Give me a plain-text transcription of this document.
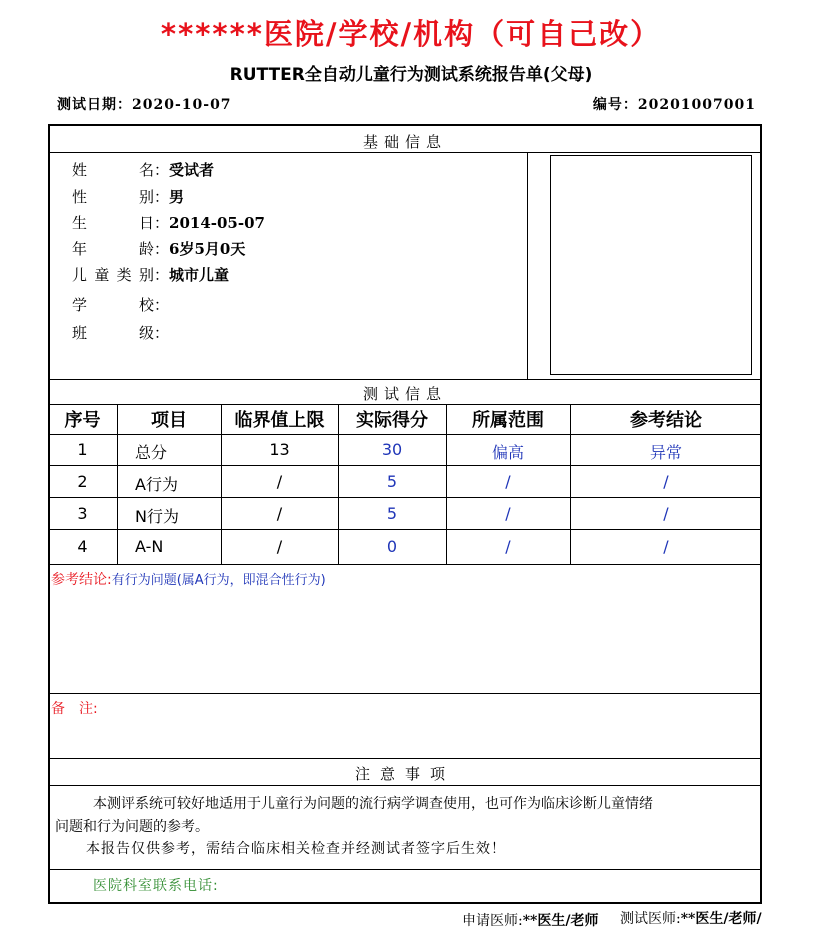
******医院/学校/机构（可自己改）
RUTTER全自动儿童行为测试系统报告单(父母)
测试日期：2020-10-07	编号：20201007001
基础信息
姓名：受试者
性别：男
生日：2014-05-07
年龄：6岁5月0天
儿童类别：城市儿童
学校：
班级：
测试信息
序号	项目	临界值上限	实际得分	所属范围	参考结论
1	总分	13	30	偏高	异常
2	A行为	/	5	/	/
3	N行为	/	5	/	/
4	A-N	/	0	/	/
参考结论:有行为问题(属A行为，即混合性行为)
备　注:
注意事项
本测评系统可较好地适用于儿童行为问题的流行病学调查使用，也可作为临床诊断儿童情绪
问题和行为问题的参考。
本报告仅供参考，需结合临床相关检查并经测试者签字后生效！
医院科室联系电话:
申请医师:**医生/老师 测试医师:**医生/老师/
